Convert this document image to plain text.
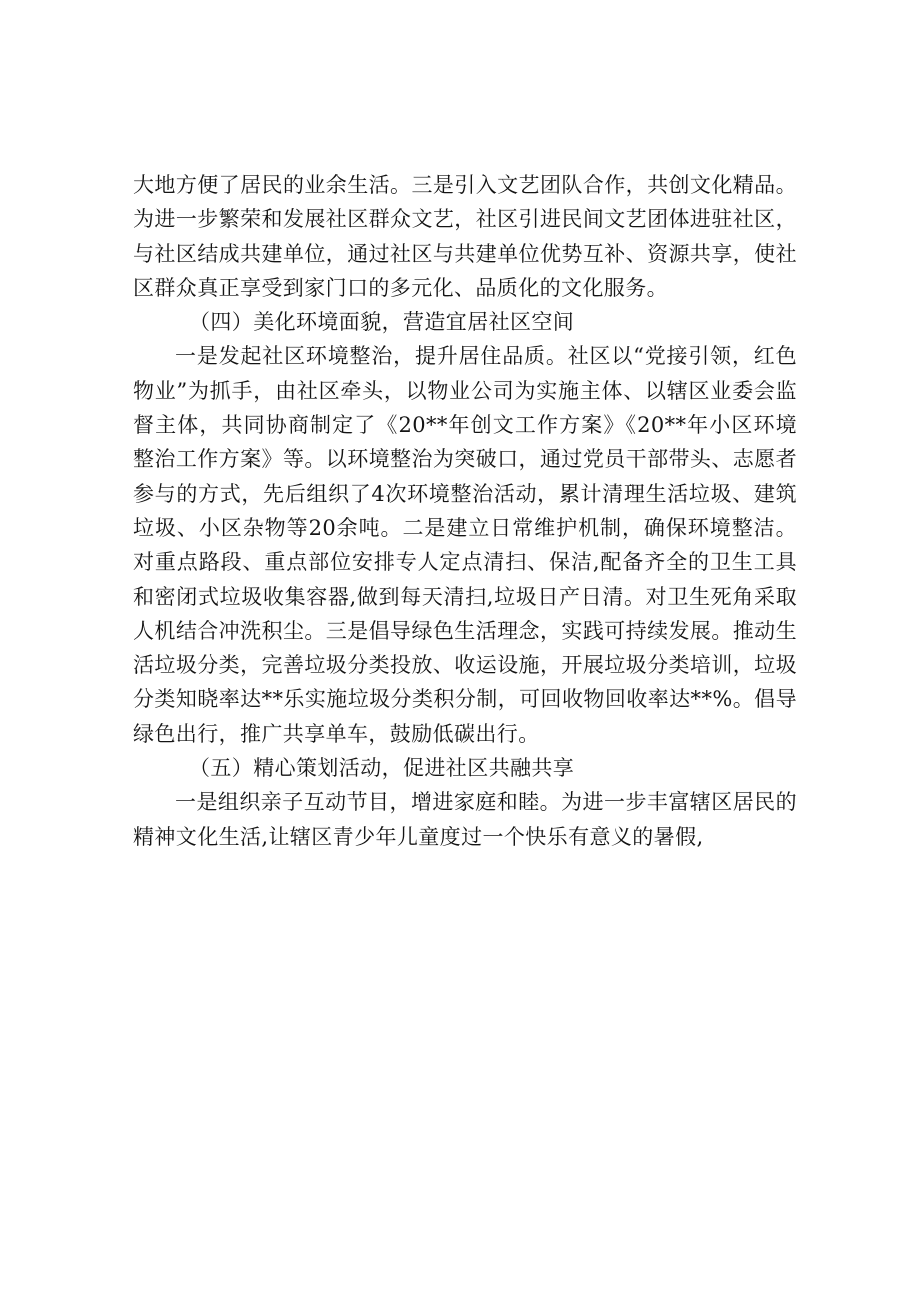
大地方便了居民的业余生活。三是引入文艺团队合作，共创文化精品。为进一步繁荣和发展社区群众文艺，社区引进民间文艺团体进驻社区，与社区结成共建单位，通过社区与共建单位优势互补、资源共享，使社区群众真正享受到家门口的多元化、品质化的文化服务。

（四）美化环境面貌，营造宜居社区空间

一是发起社区环境整治，提升居住品质。社区以“党接引领，红色物业”为抓手，由社区牵头，以物业公司为实施主体、以辖区业委会监督主体，共同协商制定了《20**年创文工作方案》《20**年小区环境整治工作方案》等。以环境整治为突破口，通过党员干部带头、志愿者参与的方式，先后组织了4次环境整治活动，累计清理生活垃圾、建筑垃圾、小区杂物等20余吨。二是建立日常维护机制，确保环境整洁。对重点路段、重点部位安排专人定点清扫、保洁,配备齐全的卫生工具和密闭式垃圾收集容器,做到每天清扫,垃圾日产日清。对卫生死角采取人机结合冲洗积尘。三是倡导绿色生活理念，实践可持续发展。推动生活垃圾分类，完善垃圾分类投放、收运设施，开展垃圾分类培训，垃圾分类知晓率达**乐实施垃圾分类积分制，可回收物回收率达**%。倡导绿色出行，推广共享单车，鼓励低碳出行。

（五）精心策划活动，促进社区共融共享

一是组织亲子互动节目，增进家庭和睦。为进一步丰富辖区居民的精神文化生活,让辖区青少年儿童度过一个快乐有意义的暑假,
